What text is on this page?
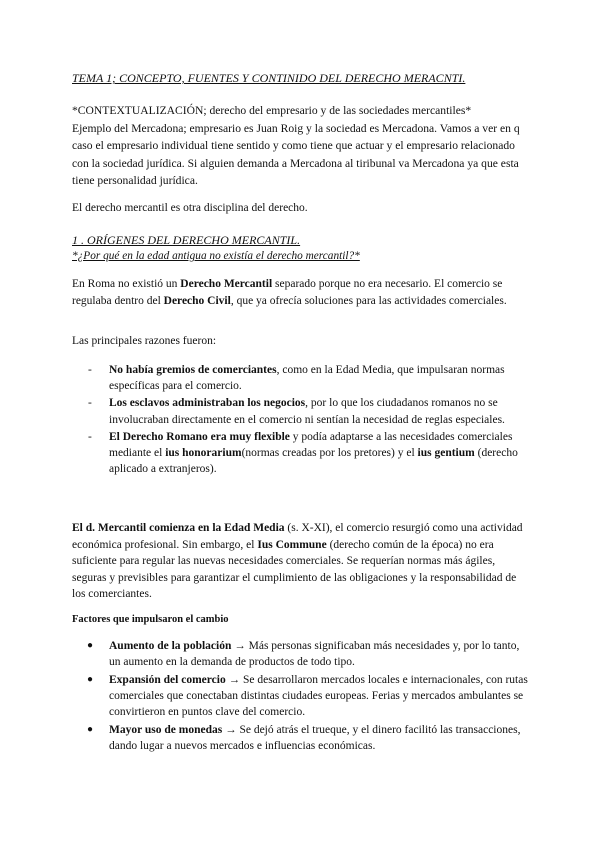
TEMA 1; CONCEPTO, FUENTES Y CONTINIDO DEL DERECHO MERACNTI.

*CONTEXTUALIZACIÓN; derecho del empresario y de las sociedades mercantiles*
Ejemplo del Mercadona; empresario es Juan Roig y la sociedad es Mercadona. Vamos a ver en q caso el empresario individual tiene sentido y como tiene que actuar y el empresario relacionado con la sociedad jurídica. Si alguien demanda a Mercadona al tiribunal va Mercadona ya que esta tiene personalidad jurídica.

El derecho mercantil es otra disciplina del derecho.

1 . ORÍGENES DEL DERECHO MERCANTIL.

*¿Por qué en la edad antigua no existía el derecho mercantil?*

En Roma no existió un Derecho Mercantil separado porque no era necesario. El comercio se regulaba dentro del Derecho Civil, que ya ofrecía soluciones para las actividades comerciales.

Las principales razones fueron:

- No había gremios de comerciantes, como en la Edad Media, que impulsaran normas específicas para el comercio.
- Los esclavos administraban los negocios, por lo que los ciudadanos romanos no se involucraban directamente en el comercio ni sentían la necesidad de reglas especiales.
- El Derecho Romano era muy flexible y podía adaptarse a las necesidades comerciales mediante el ius honorarium(normas creadas por los pretores) y el ius gentium (derecho aplicado a extranjeros).

El d. Mercantil comienza en la Edad Media (s. X-XI), el comercio resurgió como una actividad económica profesional. Sin embargo, el Ius Commune (derecho común de la época) no era suficiente para regular las nuevas necesidades comerciales. Se requerían normas más ágiles, seguras y previsibles para garantizar el cumplimiento de las obligaciones y la responsabilidad de los comerciantes.

Factores que impulsaron el cambio

● Aumento de la población → Más personas significaban más necesidades y, por lo tanto, un aumento en la demanda de productos de todo tipo.
● Expansión del comercio → Se desarrollaron mercados locales e internacionales, con rutas comerciales que conectaban distintas ciudades europeas. Ferias y mercados ambulantes se convirtieron en puntos clave del comercio.
● Mayor uso de monedas → Se dejó atrás el trueque, y el dinero facilitó las transacciones, dando lugar a nuevos mercados e influencias económicas.
